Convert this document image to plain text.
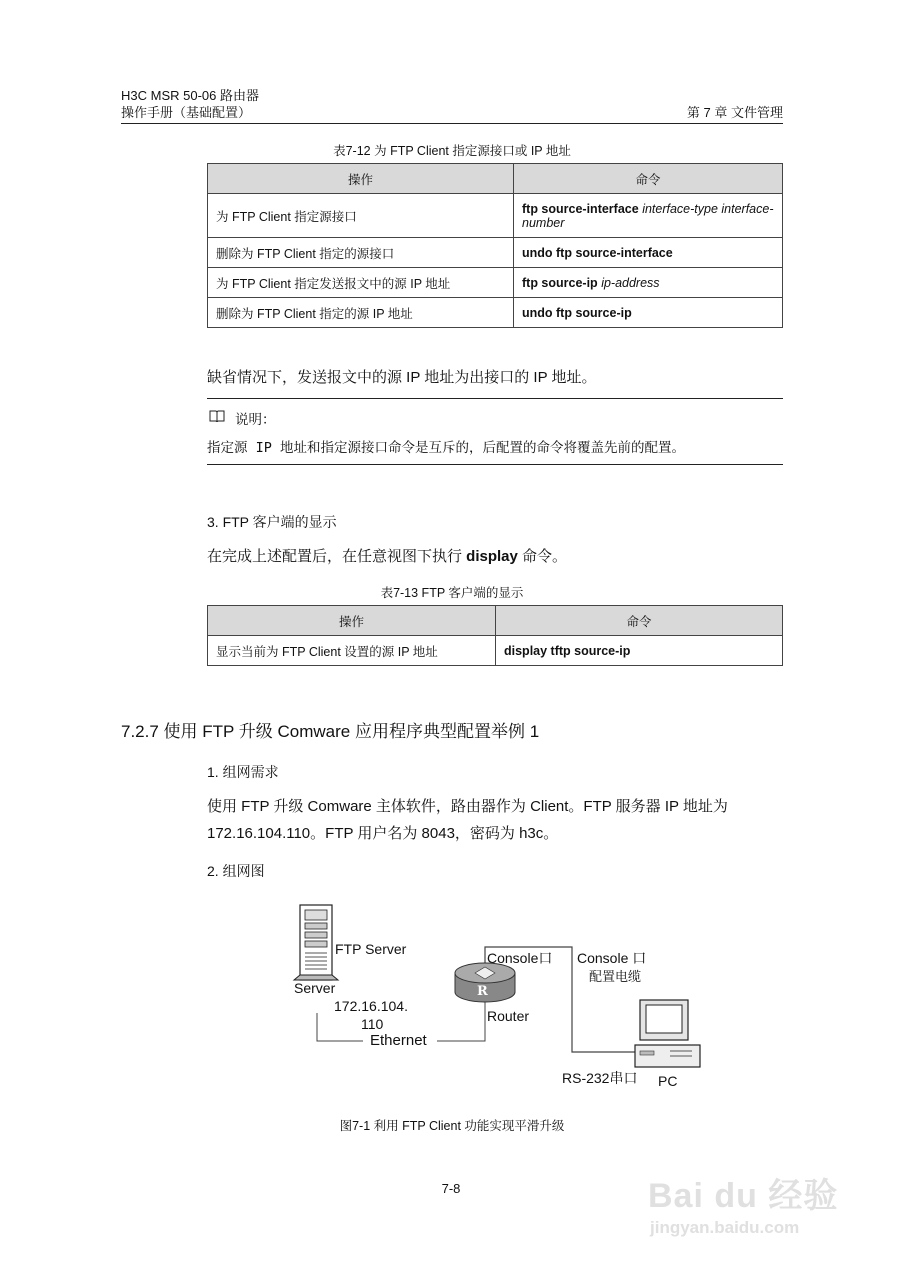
H3C MSR 50-06 路由器
操作手册（基础配置）	第 7 章 文件管理
表7-12 为 FTP Client 指定源接口或 IP 地址
操作	命令
为 FTP Client 指定源接口	ftp source-interface interface-type interface-number
删除为 FTP Client 指定的源接口	undo ftp source-interface
为 FTP Client 指定发送报文中的源 IP 地址	ftp source-ip ip-address
删除为 FTP Client 指定的源 IP 地址	undo ftp source-ip
缺省情况下，发送报文中的源 IP 地址为出接口的 IP 地址。
说明：
指定源 IP 地址和指定源接口命令是互斥的，后配置的命令将覆盖先前的配置。
3. FTP 客户端的显示
在完成上述配置后，在任意视图下执行 display 命令。
表7-13 FTP 客户端的显示
操作	命令
显示当前为 FTP Client 设置的源 IP 地址	display tftp source-ip
7.2.7 使用 FTP 升级 Comware 应用程序典型配置举例 1
1. 组网需求
使用 FTP 升级 Comware 主体软件，路由器作为 Client。FTP 服务器 IP 地址为
172.16.104.110。FTP 用户名为 8043，密码为 h3c。
2. 组网图
FTP Server
Server
172.16.104.
110
Ethernet
Console口
R
Router
Console 口
配置电缆
RS-232串口 PC
图7-1 利用 FTP Client 功能实现平滑升级
7-8	Bai du 经验
jingyan.baidu.com
